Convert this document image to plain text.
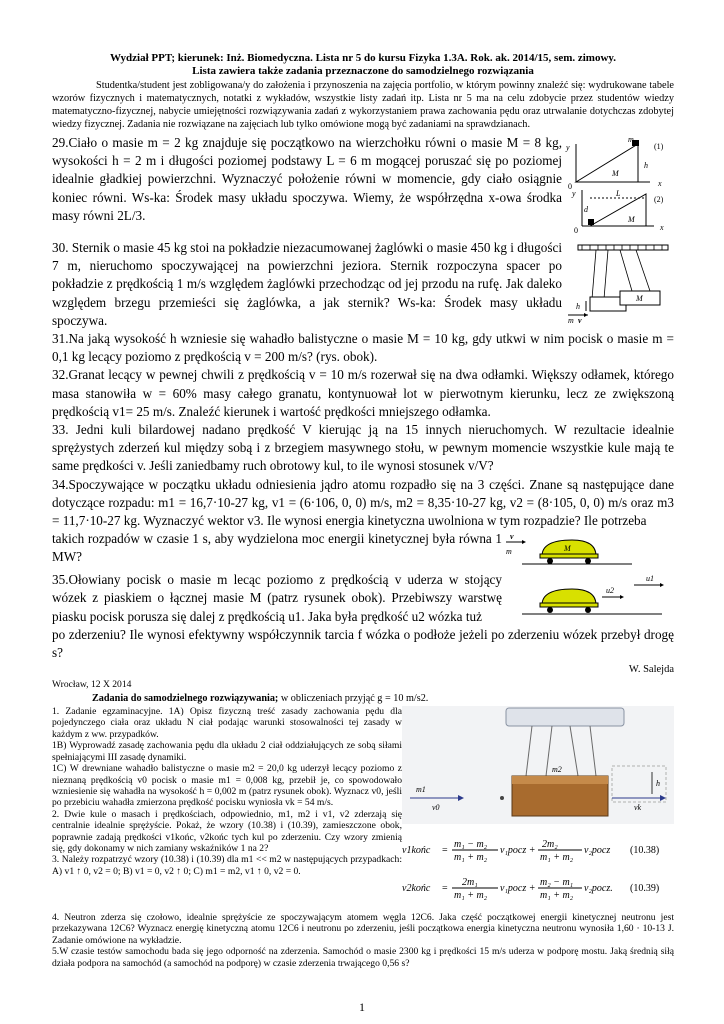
Wydział PPT; kierunek: Inż. Biomedyczna. Lista nr 5 do kursu Fizyka 1.3A. Rok. ak. 2014/15, sem. zimowy.
Lista zawiera także zadania przeznaczone do samodzielnego rozwiązania
Studentka/student jest zobligowana/y do założenia i przynoszenia na zajęcia portfolio, w którym powinny znaleźć się: wydrukowane tabele wzorów fizycznych i matematycznych, notatki z wykładów, wszystkie listy zadań itp. Lista nr 5 ma na celu zdobycie przez studentów wiedzy matematyczno-fizycznej, nabycie umiejętności rozwiązywania zadań z wykorzystaniem prawa zachowania pędu oraz utrwalanie dotychczas zdobytej wiedzy fizycznej. Zadania nie rozwiązane na zajęciach lub tylko omówione mogą być zadaniami na sprawdzianach.
29.Ciało o masie m = 2 kg znajduje się początkowo na wierzchołku równi o masie M = 8 kg, wysokości h = 2 m i długości poziomej podstawy L = 6 m mogącej poruszać się po poziomej idealnie gładkiej powierzchni. Wyznaczyć położenie równi w momencie, gdy ciało osiągnie koniec równi. Ws-ka: Środek masy układu spoczywa. Wiemy, że współrzędna x-owa środka masy równi 2L/3.
y
m
(1)
M
h
0	x
y	L
(2)
d
M
0	x
30. Sternik o masie 45 kg stoi na pokładzie niezacumowanej żaglówki o masie 450 kg i długości 7 m, nieruchomo spoczywającej na powierzchni jeziora. Sternik rozpoczyna spacer po pokładzie z prędkością 1 m/s względem żaglówki przechodząc od jej przodu na rufę. Jak daleko względem brzegu przemieści się żaglówka, a jak sternik? Ws-ka: Środek masy układu spoczywa.
h
M
m v
31.Na jaką wysokość h wzniesie się wahadło balistyczne o masie M = 10 kg, gdy utkwi w nim pocisk o masie m = 0,1 kg lecący poziomo z prędkością v = 200 m/s? (rys. obok).
32.Granat lecący w pewnej chwili z prędkością v = 10 m/s rozerwał się na dwa odłamki. Większy odłamek, którego masa stanowiła w = 60% masy całego granatu, kontynuował lot w pierwotnym kierunku, lecz ze zwiększoną prędkością v1= 25 m/s. Znaleźć kierunek i wartość prędkości mniejszego odłamka.
33. Jedni kuli bilardowej nadano prędkość V kierując ją na 15 innych nieruchomych. W rezultacie idealnie sprężystych zderzeń kul między sobą i z brzegiem masywnego stołu, w pewnym momencie wszystkie kule mają te same prędkości v. Jeśli zaniedbamy ruch obrotowy kul, to ile wynosi stosunek v/V?
34.Spoczywające w początku układu odniesienia jądro atomu rozpadło się na 3 części. Znane są następujące dane dotyczące rozpadu: m1 = 16,7·10-27 kg, v1 = (6·106, 0, 0) m/s, m2 = 8,35·10-27 kg, v2 = (8·105, 0, 0) m/s oraz m3 = 11,7·10-27 kg. Wyznaczyć wektor v3. Ile wynosi energia kinetyczna uwolniona w tym rozpadzie? Ile potrzeba
takich rozpadów w czasie 1 s, aby wydzielona moc energii kinetycznej była równa 1 MW?
v
m	M
35.Ołowiany pocisk o masie m lecąc poziomo z prędkością v uderza w stojący wózek z piaskiem o łącznej masie M (patrz rysunek obok). Przebiwszy warstwę piasku pocisk porusza się dalej z prędkością u1. Jaka była prędkość u2 wózka tuż
u2
u1
po zderzeniu? Ile wynosi efektywny współczynnik tarcia f wózka o podłoże jeżeli po zderzeniu wózek przebył drogę s?
W. Salejda
Wrocław, 12 X 2014
Zadania do samodzielnego rozwiązywania; w obliczeniach przyjąć g = 10 m/s2.
1. Zadanie egzaminacyjne. 1A) Opisz fizyczną treść zasady zachowania pędu dla pojedynczego ciała oraz układu N ciał podając warunki stosowalności tej zasady w każdym z ww. przypadków.
1B) Wyprowadź zasadę zachowania pędu dla układu 2 ciał oddziałujących ze sobą siłami spełniającymi III zasadę dynamiki.
1C) W drewniane wahadło balistyczne o masie m2 = 20,0 kg uderzył lecący poziomo z nieznaną prędkością v0 pocisk o masie m1 = 0,008 kg, przebił je, co spowodowało wzniesienie się wahadła na wysokość h = 0,002 m (patrz rysunek obok). Wyznacz v0, jeśli po przebiciu wahadła zmierzona prędkość pocisku wyniosła vk = 54 m/s.
2. Dwie kule o masach i prędkościach, odpowiednio, m1, m2 i v1, v2 zderzają się centralnie idealnie sprężyście. Pokaż, że wzory (10.38) i (10.39), zamieszczone obok, poprawnie zadają prędkości v1końc, v2końc tych kul po zderzeniu. Czy wzory zmienią się, gdy dokonamy w nich zamiany wskaźników 1 na 2?
3. Należy rozpatrzyć wzory (10.38) i (10.39) dla m1 << m2 w następujących przypadkach: A) v1 ↑ 0, v2 = 0; B) v1 = 0, v2 ↑ 0; C) m1 = m2, v1 ↑ 0, v2 = 0.
m2
m1
v0	vk
h
v1końc =
m₁ − m₂
m₁ + m₂
v₁pocz +
2m₂
m₁ + m₂
v₂pocz (10.38)
v2końc =
2m₁
m₁ + m₂
v₁pocz +
m₂ − m₁
m₁ + m₂
v₂pocz. (10.39)
4. Neutron zderza się czołowo, idealnie sprężyście ze spoczywającym atomem węgla 12C6. Jaka część początkowej energii kinetycznej neutronu jest przekazywana 12C6? Wyznacz energię kinetyczną atomu 12C6 i neutronu po zderzeniu, jeśli początkowa energia kinetyczna neutronu wynosiła 1,60 · 10-13 J. Zadanie omówione na wykładzie.
5.W czasie testów samochodu bada się jego odporność na zderzenia. Samochód o masie 2300 kg i prędkości 15 m/s uderza w podporę mostu. Jaką średnią siłą działa podpora na samochód (a samochód na podporę) w czasie zderzenia trwającego 0,56 s?
1
